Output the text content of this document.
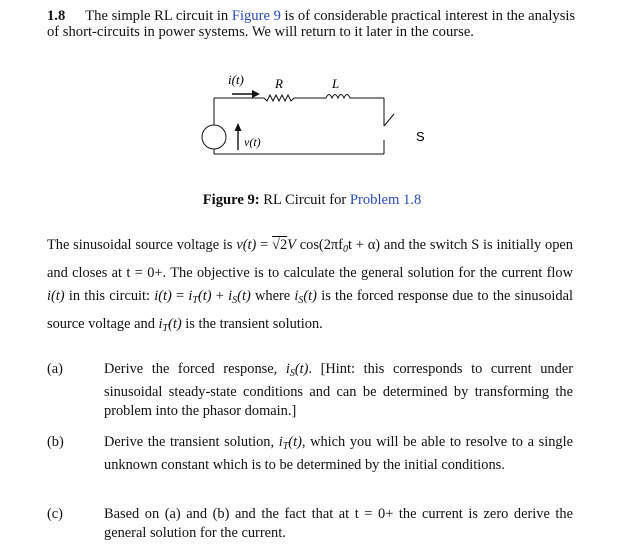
1.8 The simple RL circuit in Figure 9 is of considerable practical interest in the analysis of short-circuits in power systems. We will return to it later in the course.
i(t) R	L
S
v(t)
Figure 9: RL Circuit for Problem 1.8
The sinusoidal source voltage is v(t) = √2V $\cos(2\pi f_0t + \alpha)$ and the switch S is initially open and closes at t = 0+. The objective is to calculate the general solution for the current flow i(t) in this circuit: $i(t) = i_T(t) + i_S(t)$ where $i_S(t)$ is the forced response due to the sinusoidal source voltage and $i_T(t)$ is the transient solution.
(a)	Derive the forced response, $i_S(t)$. [Hint: this corresponds to current under sinusoidal steady-state conditions and can be determined by transforming the problem into the phasor domain.]
(b)	Derive the transient solution, $i_T(t)$, which you will be able to resolve to a single unknown constant which is to be determined by the initial conditions.
(c)	Based on (a) and (b) and the fact that at t = 0+ the current is zero derive the general solution for the current.
